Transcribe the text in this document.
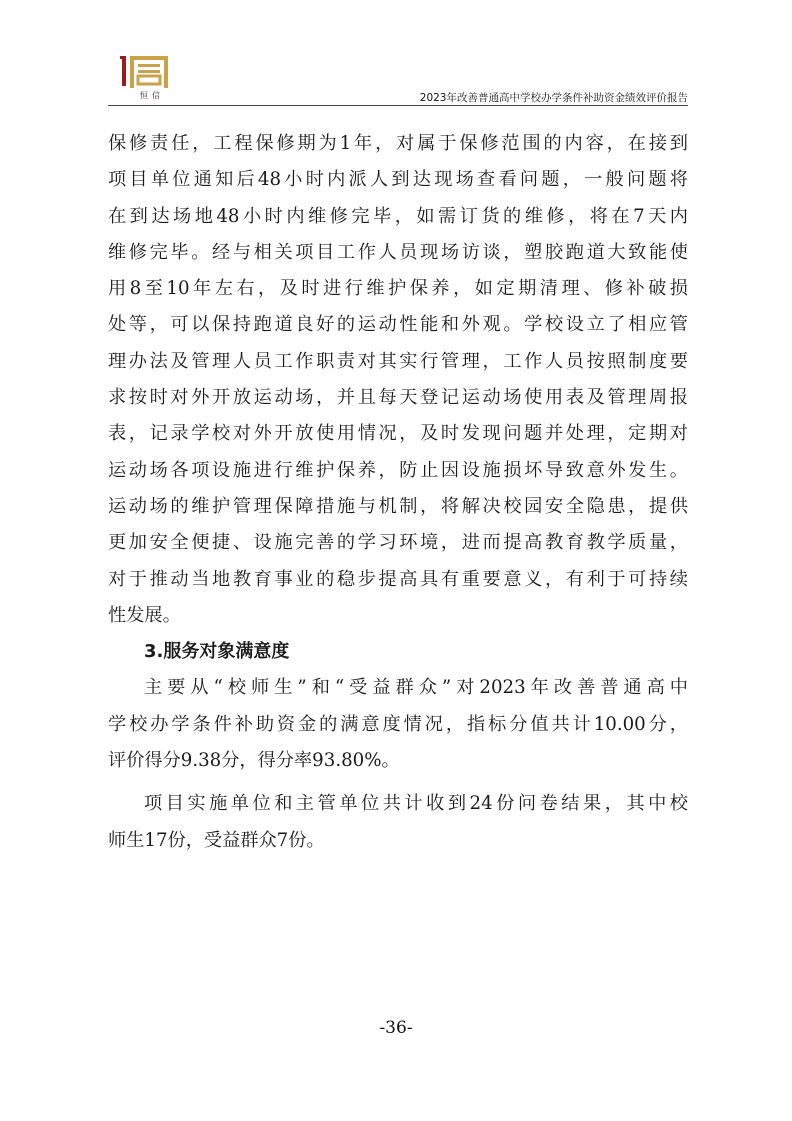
恒信	2023年改善普通高中学校办学条件补助资金绩效评价报告
保修责任，工程保修期为1年，对属于保修范围的内容，在接到
项目单位通知后48小时内派人到达现场查看问题，一般问题将
在到达场地48小时内维修完毕，如需订货的维修，将在7天内
维修完毕。经与相关项目工作人员现场访谈，塑胶跑道大致能使
用8至10年左右，及时进行维护保养，如定期清理、修补破损
处等，可以保持跑道良好的运动性能和外观。学校设立了相应管
理办法及管理人员工作职责对其实行管理，工作人员按照制度要
求按时对外开放运动场，并且每天登记运动场使用表及管理周报
表，记录学校对外开放使用情况，及时发现问题并处理，定期对
运动场各项设施进行维护保养，防止因设施损坏导致意外发生。
运动场的维护管理保障措施与机制，将解决校园安全隐患，提供
更加安全便捷、设施完善的学习环境，进而提高教育教学质量，
对于推动当地教育事业的稳步提高具有重要意义，有利于可持续
性发展。
3.服务对象满意度
主要从“校师生”和“受益群众”对2023年改善普通高中
学校办学条件补助资金的满意度情况，指标分值共计10.00分，
评价得分9.38分，得分率93.80%。
项目实施单位和主管单位共计收到24份问卷结果，其中校
师生17份，受益群众7份。
-36-
